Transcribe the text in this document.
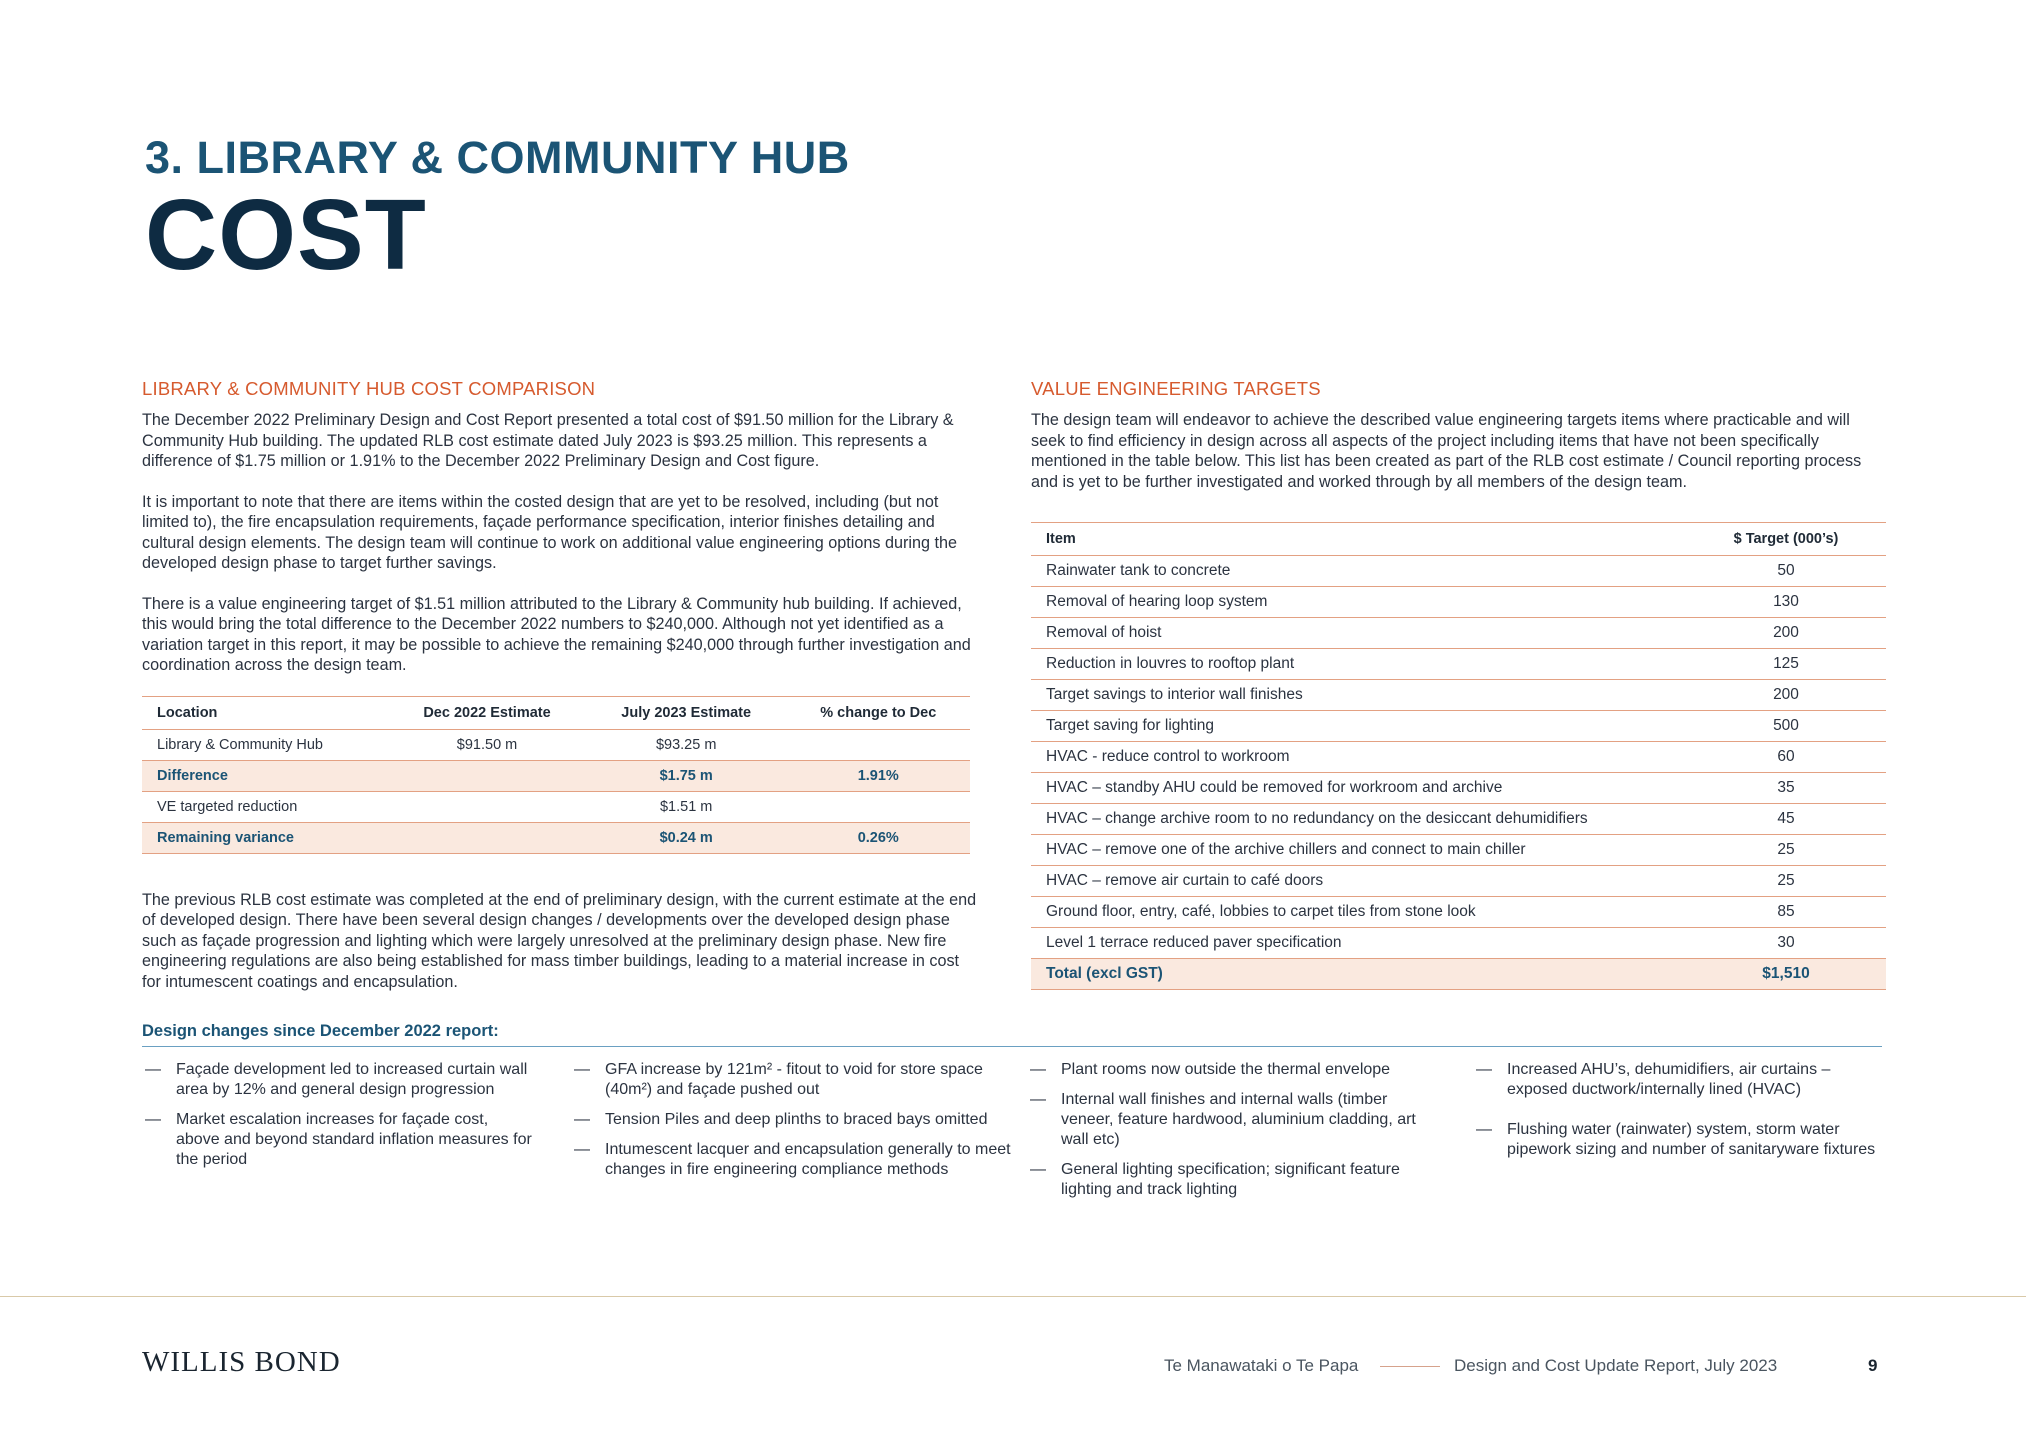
3. LIBRARY & COMMUNITY HUB
COST
LIBRARY & COMMUNITY HUB COST COMPARISON

The December 2022 Preliminary Design and Cost Report presented a total cost of $91.50 million for the Library & Community Hub building. The updated RLB cost estimate dated July 2023 is $93.25 million. This represents a difference of $1.75 million or 1.91% to the December 2022 Preliminary Design and Cost figure.

It is important to note that there are items within the costed design that are yet to be resolved, including (but not limited to), the fire encapsulation requirements, façade performance specification, interior finishes detailing and cultural design elements. The design team will continue to work on additional value engineering options during the developed design phase to target further savings.

There is a value engineering target of $1.51 million attributed to the Library & Community hub building. If achieved, this would bring the total difference to the December 2022 numbers to $240,000. Although not yet identified as a variation target in this report, it may be possible to achieve the remaining $240,000 through further investigation and coordination across the design team.

Location	Dec 2022 Estimate	July 2023 Estimate	% change to Dec
Library & Community Hub	$91.50 m	$93.25 m	
Difference		$1.75 m	1.91%
VE targeted reduction		$1.51 m	
Remaining variance		$0.24 m	0.26%

The previous RLB cost estimate was completed at the end of preliminary design, with the current estimate at the end of developed design. There have been several design changes / developments over the developed design phase such as façade progression and lighting which were largely unresolved at the preliminary design phase. New fire engineering regulations are also being established for mass timber buildings, leading to a material increase in cost for intumescent coatings and encapsulation.

VALUE ENGINEERING TARGETS

The design team will endeavor to achieve the described value engineering targets items where practicable and will seek to find efficiency in design across all aspects of the project including items that have not been specifically mentioned in the table below. This list has been created as part of the RLB cost estimate / Council reporting process and is yet to be further investigated and worked through by all members of the design team.

Item	$ Target (000’s)
Rainwater tank to concrete	50
Removal of hearing loop system	130
Removal of hoist	200
Reduction in louvres to rooftop plant	125
Target savings to interior wall finishes	200
Target saving for lighting	500
HVAC - reduce control to workroom	60
HVAC – standby AHU could be removed for workroom and archive	35
HVAC – change archive room to no redundancy on the desiccant dehumidifiers	45
HVAC – remove one of the archive chillers and connect to main chiller	25
HVAC – remove air curtain to café doors	25
Ground floor, entry, café, lobbies to carpet tiles from stone look	85
Level 1 terrace reduced paver specification	30
Total (excl GST)	$1,510
Design changes since December 2022 report:
— Façade development led to increased curtain wall area by 12% and general design progression
— Market escalation increases for façade cost, above and beyond standard inflation measures for the period
— GFA increase by 121m² - fitout to void for store space (40m²) and façade pushed out
— Tension Piles and deep plinths to braced bays omitted
— Intumescent lacquer and encapsulation generally to meet changes in fire engineering compliance methods
— Plant rooms now outside the thermal envelope
— Internal wall finishes and internal walls (timber veneer, feature hardwood, aluminium cladding, art wall etc)
— General lighting specification; significant feature lighting and track lighting
— Increased AHU’s, dehumidifiers, air curtains – exposed ductwork/internally lined (HVAC)
— Flushing water (rainwater) system, storm water pipework sizing and number of sanitaryware fixtures
WILLIS BOND	Te Manawataki o Te Papa	Design and Cost Update Report, July 2023	9
